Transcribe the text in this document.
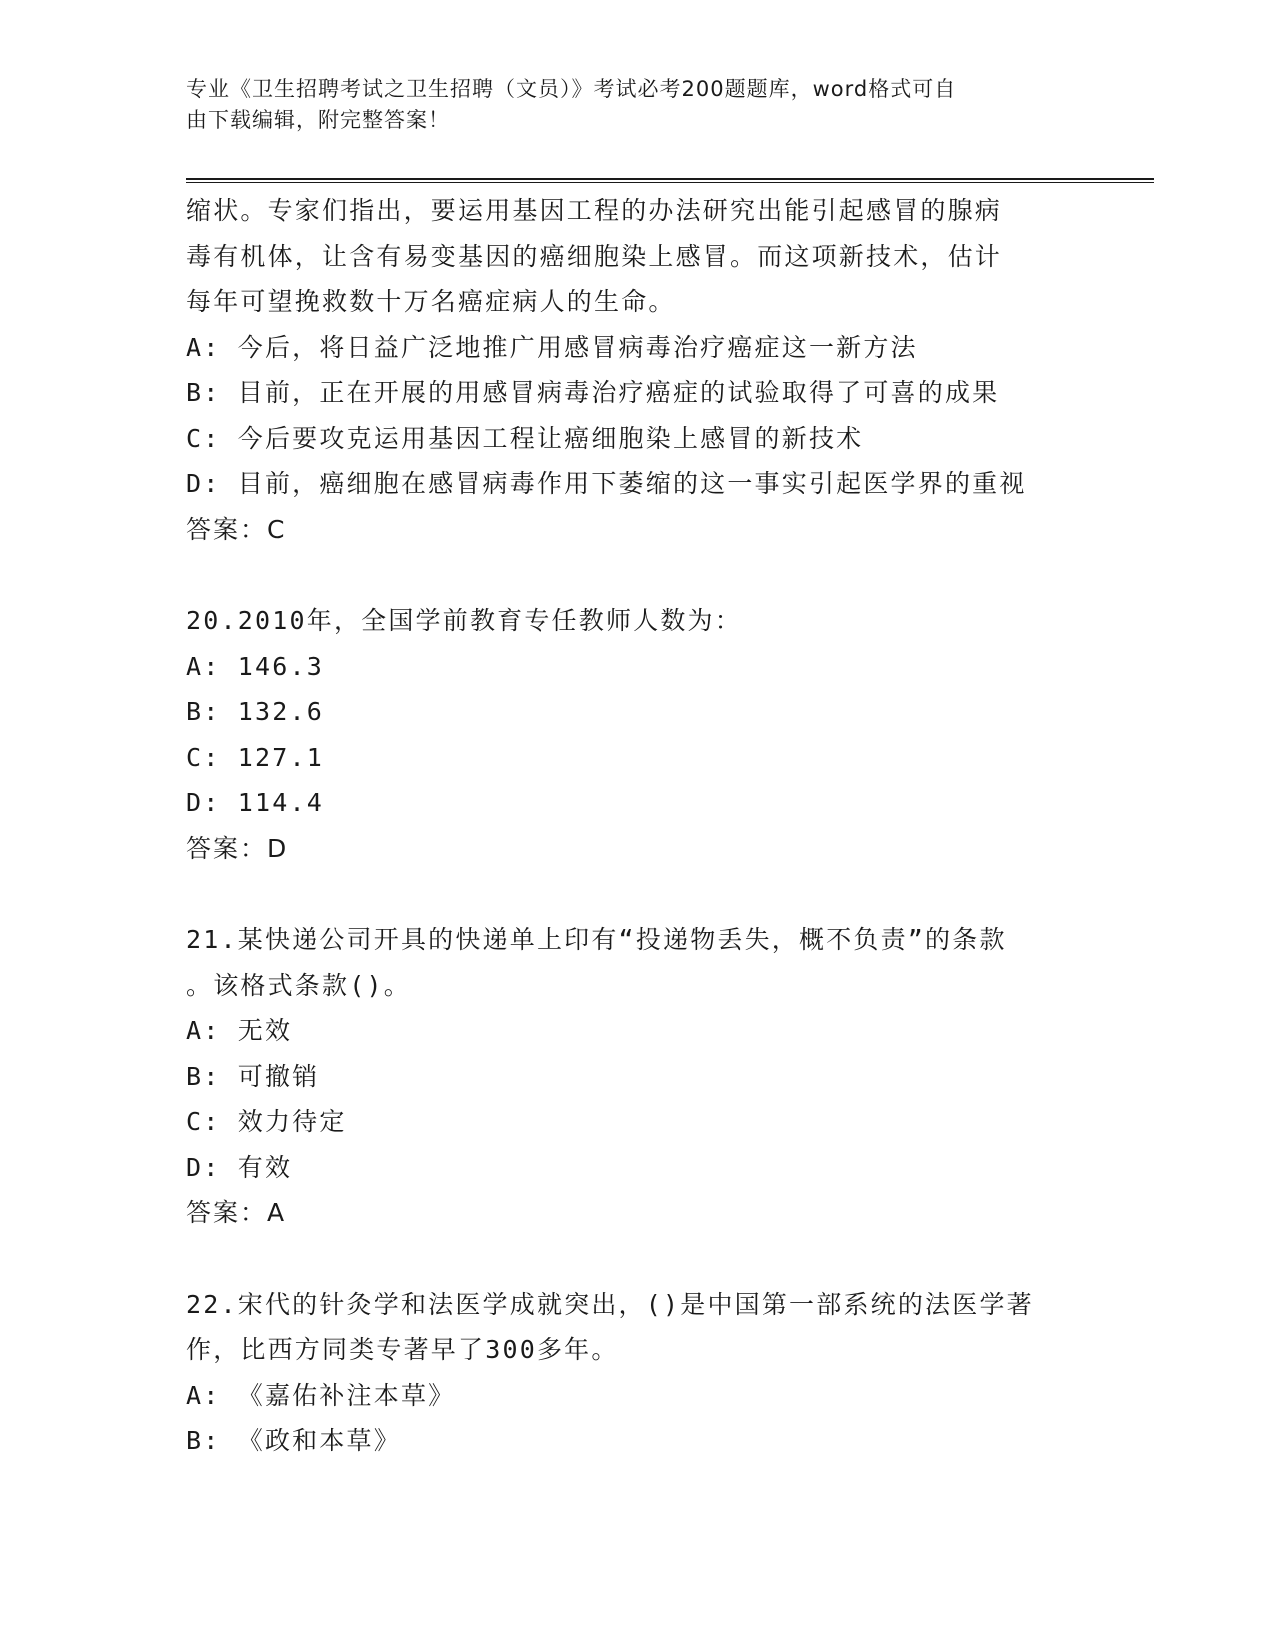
专业《卫生招聘考试之卫生招聘（文员）》考试必考200题题库，word格式可自
由下载编辑，附完整答案！
缩状。专家们指出，要运用基因工程的办法研究出能引起感冒的腺病
毒有机体，让含有易变基因的癌细胞染上感冒。而这项新技术，估计
每年可望挽救数十万名癌症病人的生命。
A: 今后，将日益广泛地推广用感冒病毒治疗癌症这一新方法
B: 目前，正在开展的用感冒病毒治疗癌症的试验取得了可喜的成果
C: 今后要攻克运用基因工程让癌细胞染上感冒的新技术
D: 目前，癌细胞在感冒病毒作用下萎缩的这一事实引起医学界的重视
答案：C
20.2010年，全国学前教育专任教师人数为：
A: 146.3
B: 132.6
C: 127.1
D: 114.4
答案：D
21.某快递公司开具的快递单上印有“投递物丢失，概不负责”的条款
。该格式条款()。
A: 无效
B: 可撤销
C: 效力待定
D: 有效
答案：A
22.宋代的针灸学和法医学成就突出，()是中国第一部系统的法医学著
作，比西方同类专著早了300多年。
A: 《嘉佑补注本草》
B: 《政和本草》
